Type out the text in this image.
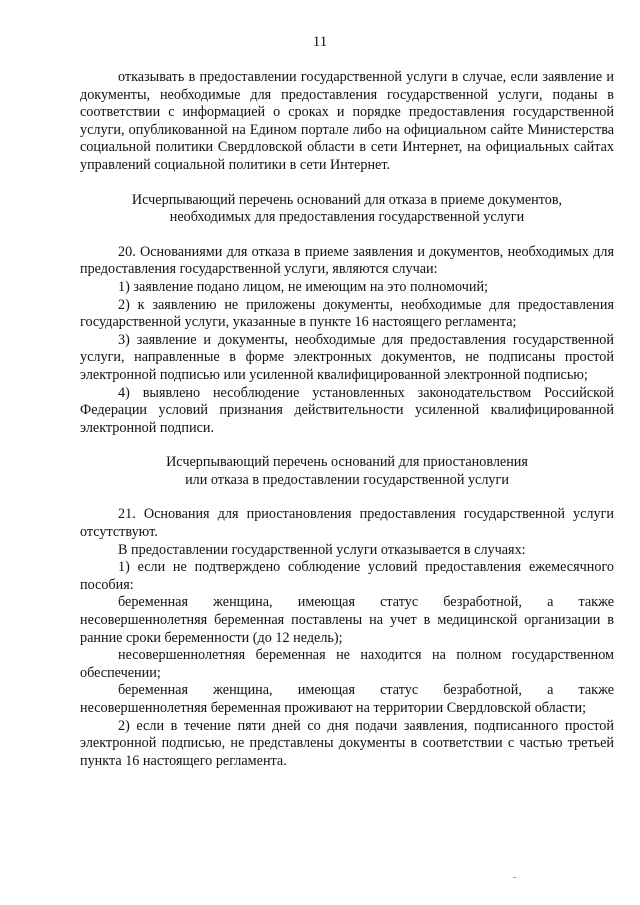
11

отказывать в предоставлении государственной услуги в случае, если заявление и документы, необходимые для предоставления государственной услуги, поданы в соответствии с информацией о сроках и порядке предоставления государственной услуги, опубликованной на Едином портале либо на официальном сайте Министерства социальной политики Свердловской области в сети Интернет, на официальных сайтах управлений социальной политики в сети Интернет.

Исчерпывающий перечень оснований для отказа в приеме документов,

необходимых для предоставления государственной услуги

20. Основаниями для отказа в приеме заявления и документов, необходимых для предоставления государственной услуги, являются случаи:

1) заявление подано лицом, не имеющим на это полномочий;

2) к заявлению не приложены документы, необходимые для предоставления государственной услуги, указанные в пункте 16 настоящего регламента;

3) заявление и документы, необходимые для предоставления государственной услуги, направленные в форме электронных документов, не подписаны простой электронной подписью или усиленной квалифицированной электронной подписью;

4) выявлено несоблюдение установленных законодательством Российской Федерации условий признания действительности усиленной квалифицированной электронной подписи.

Исчерпывающий перечень оснований для приостановления

или отказа в предоставлении государственной услуги

21. Основания для приостановления предоставления государственной услуги отсутствуют.

В предоставлении государственной услуги отказывается в случаях:

1) если не подтверждено соблюдение условий предоставления ежемесячного пособия:

беременная женщина, имеющая статус безработной, а также несовершеннолетняя беременная поставлены на учет в медицинской организации в ранние сроки беременности (до 12 недель);

несовершеннолетняя беременная не находится на полном государственном обеспечении;

беременная женщина, имеющая статус безработной, а также несовершеннолетняя беременная проживают на территории Свердловской области;

2) если в течение пяти дней со дня подачи заявления, подписанного простой электронной подписью, не представлены документы в соответствии с частью третьей пункта 16 настоящего регламента.
